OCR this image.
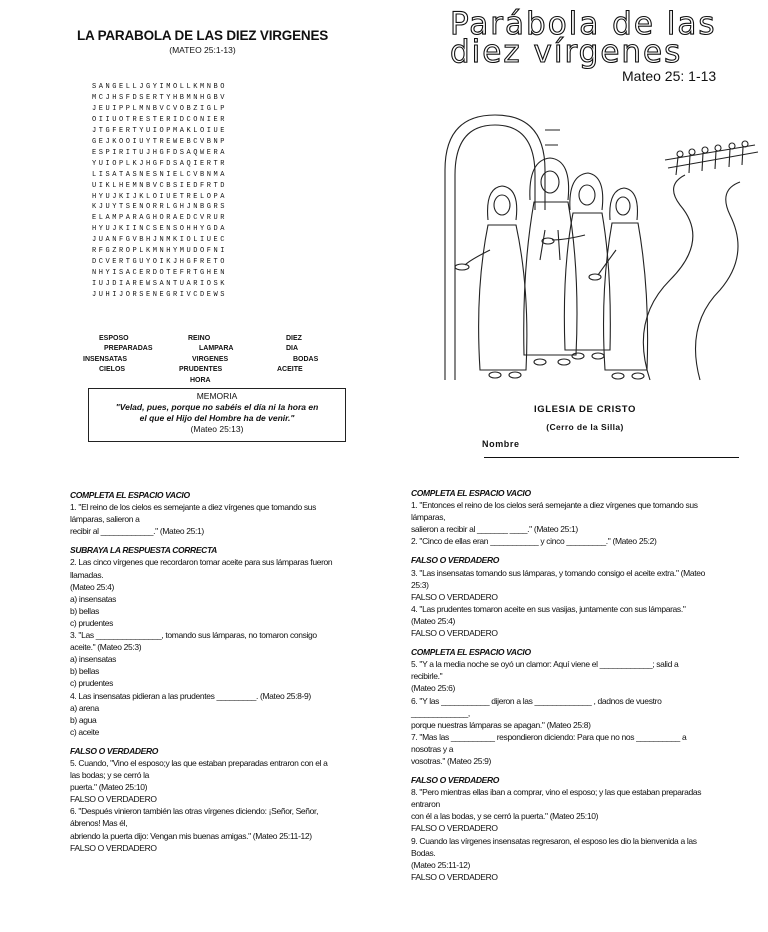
LA PARABOLA DE LAS DIEZ VIRGENES
(MATEO 25:1-13)
SANGELLJGYIMOLLKMNBO
MCJHSFDSERTYHBMNHGBV
JEUIPPLMNBVCVOBZIGLP
OIIUOTRESTERIDCONIER
JTGFERTYUIOPMAKLOIUE
GEJKOOIUYTREWEBCVBNP
ESPIRITUJHGFDSAQWERA
YUIOPLKJHGFDSAQIERTR
LISATASNESNIELCVBNMA
UIKLHEMNBVCBSIEDFRTD
HYUJKIJKLOIUETRELOPA
KJUYTSENORRLGHJNBGRS
ELAMPARAGHORAEDCVRUR
HYUJKIINCSENSOHHYGDA
JUANFGVBHJNMKIOLIUEC
RFGZROPLKMNHYMUDOFNI
DCVERTGUYOIKJHGFRETO
NHYISACERDOTEFRTGHEN
IUJDIAREWSANTUARIOSK
JUHIJORSENEGRIVCDEWS
ESPOSO	REINO	DIEZ
PREPARADAS	LAMPARA	DIA
INSENSATAS	VIRGENES	BODAS
CIELOS	PRUDENTES	ACEITE
HORA
MEMORIA
"Velad, pues, porque no sabéis el día ni la hora en
el que el Hijo del Hombre ha de venir."
(Mateo 25:13)
Parábola de las
diez vírgenes
Mateo 25: 1-13
IGLESIA DE CRISTO
(Cerro de la Silla)
Nombre

COMPLETA EL ESPACIO VACIO

1. "El reino de los cielos es semejante a diez vírgenes que tomando sus

lámparas, salieron a

recibir al ____________." (Mateo 25:1)

SUBRAYA LA RESPUESTA CORRECTA

2. Las cinco vírgenes que recordaron tomar aceite para sus lámparas fueron

llamadas.

(Mateo 25:4)

a) insensatas

b) bellas

c) prudentes

3. "Las _______________, tomando sus lámparas, no tomaron consigo

aceite." (Mateo 25:3)

a) insensatas

b) bellas

c) prudentes

4. Las insensatas pidieran a las prudentes _________. (Mateo 25:8-9)

a) arena

b) agua

c) aceite

FALSO O VERDADERO

5. Cuando, "Vino el esposo;y las que estaban preparadas entraron con el a

las bodas; y se cerró la

puerta." (Mateo 25:10)

FALSO O VERDADERO

6. "Después vinieron también las otras vírgenes diciendo: ¡Señor, Señor,

ábrenos! Mas él,

abriendo la puerta dijo: Vengan mis buenas amigas." (Mateo 25:11-12)

FALSO O VERDADERO

COMPLETA EL ESPACIO VACIO

1. "Entonces el reino de los cielos será semejante a diez vírgenes que tomando sus

lámparas,

salieron a recibir al _______ ____." (Mateo 25:1)

2. "Cinco de ellas eran ___________ y cinco _________." (Mateo 25:2)

FALSO O VERDADERO

3. "Las insensatas tomando sus lámparas, y tomando consigo el aceite extra." (Mateo

25:3)

FALSO O VERDADERO

4. "Las prudentes tomaron aceite en sus vasijas, juntamente con sus lámparas."

(Mateo 25:4)

FALSO O VERDADERO

COMPLETA EL ESPACIO VACIO

5. "Y a la media noche se oyó un clamor: Aquí viene el ____________; salid a

recibirle."

(Mateo 25:6)

6. "Y las ___________ dijeron a las _____________ , dadnos de vuestro

_____________,

porque nuestras lámparas se apagan." (Mateo 25:8)

7. "Mas las __________ respondieron diciendo: Para que no nos __________ a

nosotras y a

vosotras." (Mateo 25:9)

FALSO O VERDADERO

8. "Pero mientras ellas iban a comprar, vino el esposo; y las que estaban preparadas

entraron

con él a las bodas, y se cerró la puerta." (Mateo 25:10)

FALSO O VERDADERO

9. Cuando las vírgenes insensatas regresaron, el esposo les dio la bienvenida a las

Bodas.

(Mateo 25:11-12)

FALSO O VERDADERO
